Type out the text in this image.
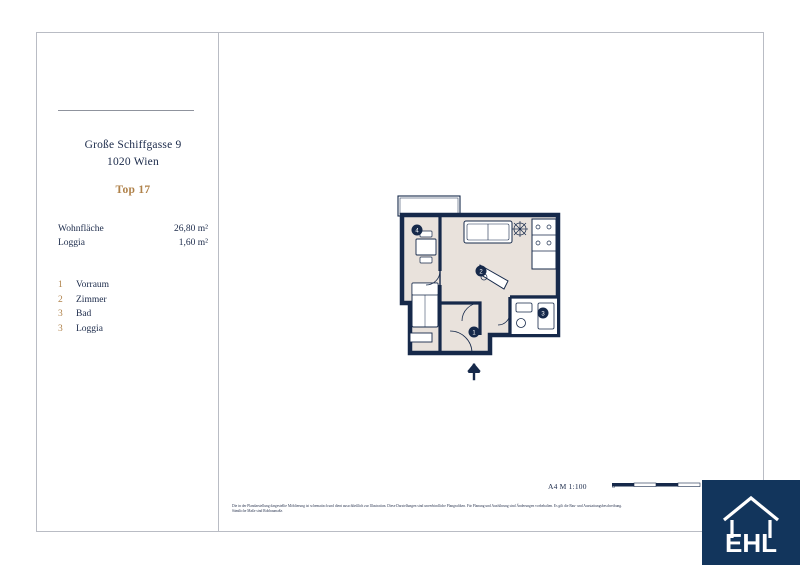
Große Schiffgasse 9
1020 Wien
Top 17
Wohnfläche	26,80 m²
Loggia	1,60 m²
1	Vorraum
2	Zimmer
3	Bad
3	Loggia
4
2
1
3
A4 M 1:100	0
Die in der Plandarstellung dargestellte Möblierung ist schematisch und dient ausschließlich zur Illustration. Diese Darstellungen sind unverbindliche Plangrafiken. Für Planung und Ausführung sind Änderungen vorbehalten. Es gilt die Bau- und Ausstattungsbeschreibung. Sämtliche Maße sind Rohbaumaße.
EHL
